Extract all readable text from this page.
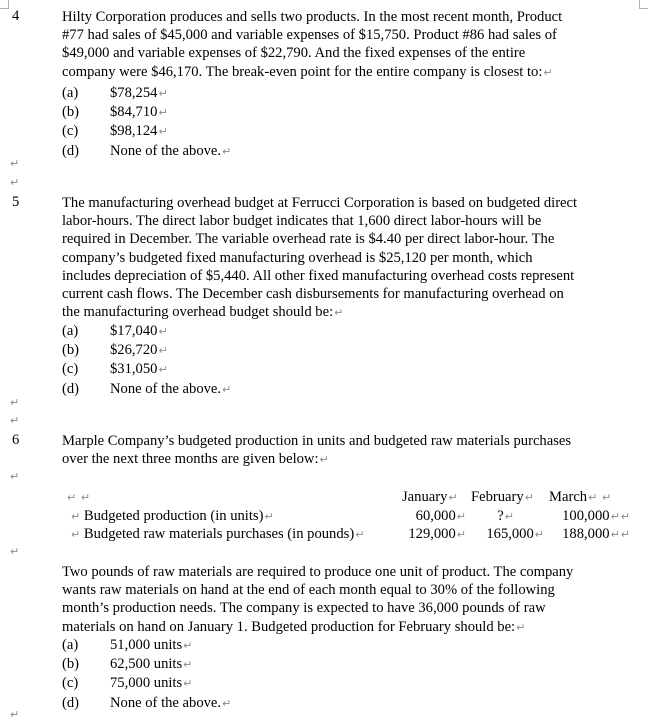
4	Hilty Corporation produces and sells two products. In the most recent month, Product
#77 had sales of $45,000 and variable expenses of $15,750. Product #86 had sales of
$49,000 and variable expenses of $22,790. And the fixed expenses of the entire
company were $46,170. The break-even point for the entire company is closest to:↵
(a) $78,254↵
(b) $84,710↵
(c) $98,124↵
(d) None of the above.↵
↵
↵
5	The manufacturing overhead budget at Ferrucci Corporation is based on budgeted direct
labor-hours. The direct labor budget indicates that 1,600 direct labor-hours will be
required in December. The variable overhead rate is $4.40 per direct labor-hour. The
company’s budgeted fixed manufacturing overhead is $25,120 per month, which
includes depreciation of $5,440. All other fixed manufacturing overhead costs represent
current cash flows. The December cash disbursements for manufacturing overhead on
the manufacturing overhead budget should be:↵
(a) $17,040↵
(b) $26,720↵
(c) $31,050↵
(d) None of the above.↵
↵
↵
6	Marple Company’s budgeted production in units and budgeted raw materials purchases
over the next three months are given below:↵
↵
↵ ↵	January↵ February↵ March↵ ↵
↵ Budgeted production (in units)↵	60,000↵	?↵	100,000↵↵
↵ Budgeted raw materials purchases (in pounds)↵	129,000↵	165,000↵	188,000↵↵
↵
Two pounds of raw materials are required to produce one unit of product. The company
wants raw materials on hand at the end of each month equal to 30% of the following
month’s production needs. The company is expected to have 36,000 pounds of raw
materials on hand on January 1. Budgeted production for February should be:↵
(a) 51,000 units↵
(b) 62,500 units↵
(c) 75,000 units↵
(d) None of the above.↵
↵
